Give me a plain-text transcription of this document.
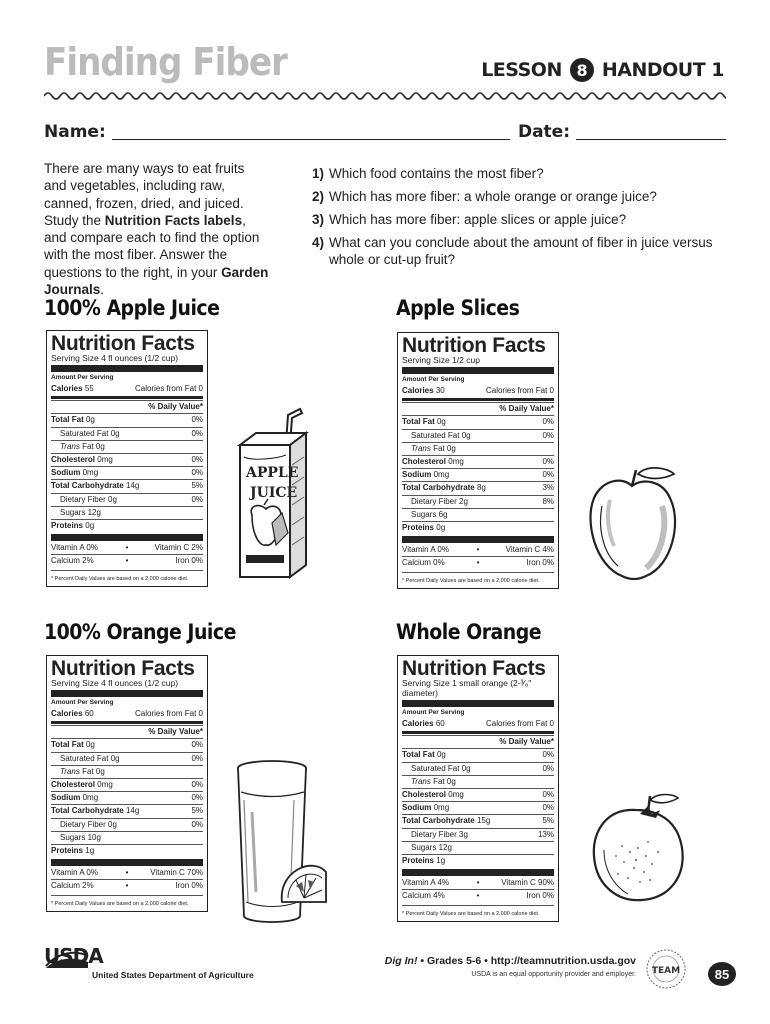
Finding Fiber	LESSON 8 HANDOUT 1
Name:	Date:
There are many ways to eat fruits and vegetables, including raw, canned, frozen, dried, and juiced. Study the Nutrition Facts labels, and compare each to find the option with the most fiber. Answer the questions to the right, in your Garden Journals.
1) Which food contains the most fiber?
2) Which has more fiber: a whole orange or orange juice?
3) Which has more fiber: apple slices or apple juice?
4) What can you conclude about the amount of fiber in juice versus whole or cut-up fruit?
100% Apple Juice	Apple Slices
100% Orange Juice	Whole Orange
Nutrition Facts
Serving Size 4 fl ounces (1/2 cup)
Amount Per Serving
Calories 55	Calories from Fat 0
% Daily Value*
Total Fat 0g	0%
Saturated Fat 0g	0%
Trans Fat 0g
Cholesterol 0mg	0%
Sodium 0mg	0%
Total Carbohydrate 14g	5%
Dietary Fiber 0g	0%
Sugars 12g
Proteins 0g
Vitamin A 0%	•	Vitamin C 2%
Calcium 2%	•	Iron 0%
* Percent Daily Values are based on a 2,000 calorie diet.
Nutrition Facts
Serving Size 1/2 cup
Amount Per Serving
Calories 30	Calories from Fat 0
% Daily Value*
Total Fat 0g	0%
Saturated Fat 0g	0%
Trans Fat 0g
Cholesterol 0mg	0%
Sodium 0mg	0%
Total Carbohydrate 8g	3%
Dietary Fiber 2g	8%
Sugars 6g
Proteins 0g
Vitamin A 0%	•	Vitamin C 4%
Calcium 0%	•	Iron 0%
* Percent Daily Values are based on a 2,000 calorie diet.
Nutrition Facts
Serving Size 4 fl ounces (1/2 cup)
Amount Per Serving
Calories 60	Calories from Fat 0
% Daily Value*
Total Fat 0g	0%
Saturated Fat 0g	0%
Trans Fat 0g
Cholesterol 0mg	0%
Sodium 0mg	0%
Total Carbohydrate 14g	5%
Dietary Fiber 0g	0%
Sugars 10g
Proteins 1g
Vitamin A 0%	•	Vitamin C 70%
Calcium 2%	•	Iron 0%
* Percent Daily Values are based on a 2,000 calorie diet.
Nutrition Facts
Serving Size 1 small orange (2-³⁄₈" diameter)
Amount Per Serving
Calories 60	Calories from Fat 0
% Daily Value*
Total Fat 0g	0%
Saturated Fat 0g	0%
Trans Fat 0g
Cholesterol 0mg	0%
Sodium 0mg	0%
Total Carbohydrate 15g	5%
Dietary Fiber 3g	13%
Sugars 12g
Proteins 1g
Vitamin A 4%	•	Vitamin C 90%
Calcium 4%	•	Iron 0%
* Percent Daily Values are based on a 2,000 calorie diet.
APPLE
JUICE
USDA
United States Department of Agriculture
Dig In! • Grades 5-6 • http://teamnutrition.usda.gov
USDA is an equal opportunity provider and employer. TEAM	85
